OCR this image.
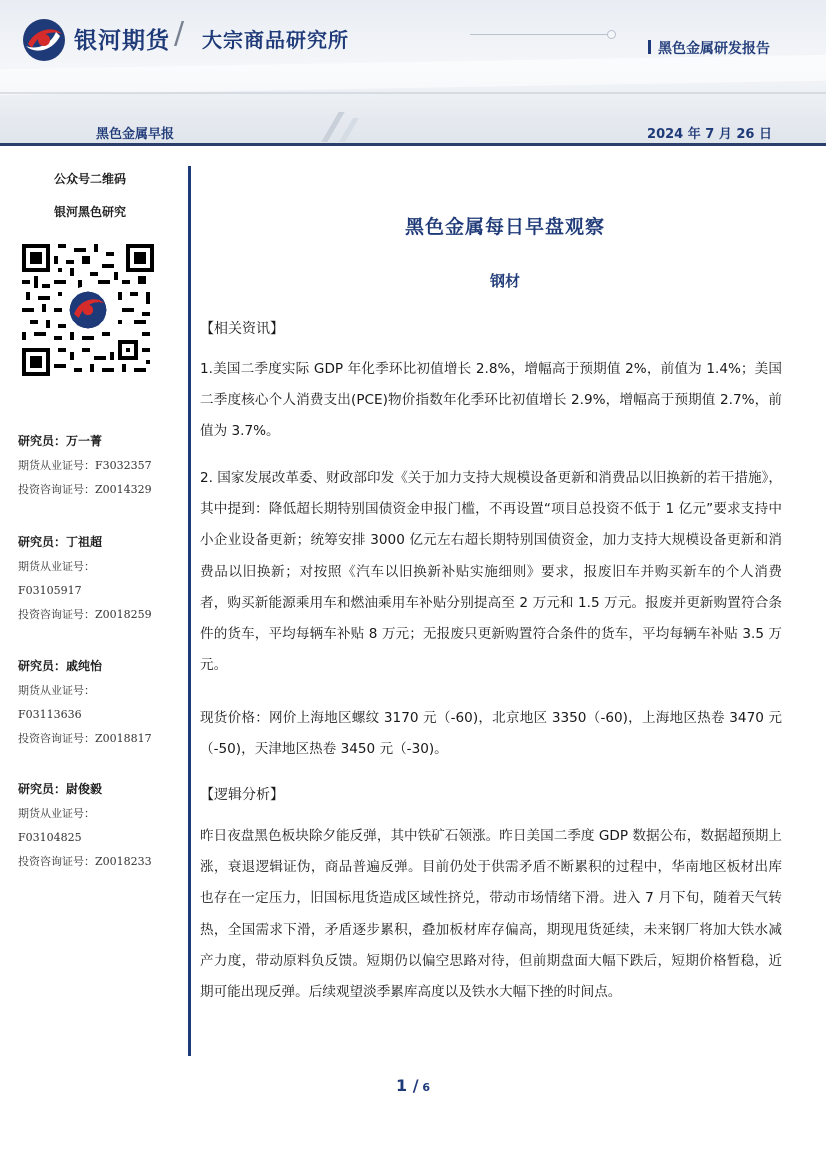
银河期货 / 大宗商品研究所	黑色金属研发报告
黑色金属早报	2024 年 7 月 26 日
公众号二维码
银河黑色研究
研究员：万一菁
期货从业证号：F3032357
投资咨询证号：Z0014329
研究员：丁祖超
期货从业证号：
F03105917
投资咨询证号：Z0018259
研究员：戚纯怡
期货从业证号：
F03113636
投资咨询证号：Z0018817
研究员：尉俊毅
期货从业证号：
F03104825
投资咨询证号：Z0018233
黑色金属每日早盘观察
钢材
【相关资讯】
1.美国二季度实际 GDP 年化季环比初值增长 2.8%，增幅高于预期值 2%，前值为 1.4%；美国二季度核心个人消费支出(PCE)物价指数年化季环比初值增长 2.9%，增幅高于预期值 2.7%，前值为 3.7%。
2. 国家发展改革委、财政部印发《关于加力支持大规模设备更新和消费品以旧换新的若干措施》，其中提到：降低超长期特别国债资金申报门槛，不再设置“项目总投资不低于 1 亿元”要求支持中小企业设备更新；统筹安排 3000 亿元左右超长期特别国债资金，加力支持大规模设备更新和消费品以旧换新；对按照《汽车以旧换新补贴实施细则》要求，报废旧车并购买新车的个人消费者，购买新能源乘用车和燃油乘用车补贴分别提高至 2 万元和 1.5 万元。报废并更新购置符合条件的货车，平均每辆车补贴 8 万元；无报废只更新购置符合条件的货车，平均每辆车补贴 3.5 万元。
现货价格：网价上海地区螺纹 3170 元（-60)，北京地区 3350（-60)，上海地区热卷 3470 元（-50)，天津地区热卷 3450 元（-30)。
【逻辑分析】
昨日夜盘黑色板块除夕能反弹，其中铁矿石领涨。昨日美国二季度 GDP 数据公布，数据超预期上涨，衰退逻辑证伪，商品普遍反弹。目前仍处于供需矛盾不断累积的过程中，华南地区板材出库也存在一定压力，旧国标甩货造成区域性挤兑，带动市场情绪下滑。进入 7 月下旬，随着天气转热，全国需求下滑，矛盾逐步累积，叠加板材库存偏高，期现甩货延续，未来钢厂将加大铁水减产力度，带动原料负反馈。短期仍以偏空思路对待，但前期盘面大幅下跌后，短期价格暂稳，近期可能出现反弹。后续观望淡季累库高度以及铁水大幅下挫的时间点。
1 / 6
